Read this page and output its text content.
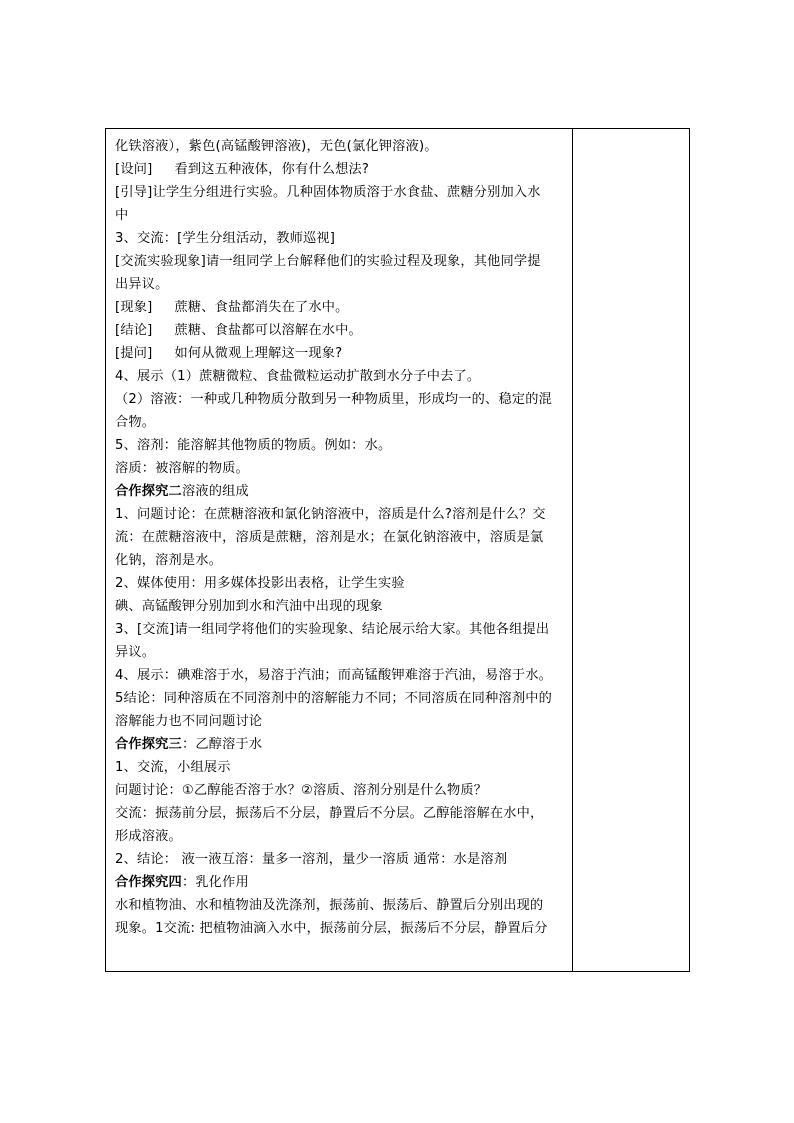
化铁溶液），紫色(高锰酸钾溶液)，无色(氯化钾溶液)。
[设问] 看到这五种液体，你有什么想法?
[引导]让学生分组进行实验。几种固体物质溶于水食盐、蔗糖分别加入水
中
3、交流：[学生分组活动，教师巡视]
[交流实验现象]请一组同学上台解释他们的实验过程及现象，其他同学提
出异议。
[现象] 蔗糖、食盐都消失在了水中。
[结论] 蔗糖、食盐都可以溶解在水中。
[提问] 如何从微观上理解这一现象?
4、展示（1）蔗糖微粒、食盐微粒运动扩散到水分子中去了。
（2）溶液：一种或几种物质分散到另一种物质里，形成均一的、稳定的混
合物。
5、溶剂：能溶解其他物质的物质。例如：水。
溶质：被溶解的物质。
合作探究二溶液的组成
1、问题讨论：在蔗糖溶液和氯化钠溶液中，溶质是什么?溶剂是什么？交
流：在蔗糖溶液中，溶质是蔗糖，溶剂是水；在氯化钠溶液中，溶质是氯
化钠，溶剂是水。
2、媒体使用：用多媒体投影出表格，让学生实验
碘、高锰酸钾分别加到水和汽油中出现的现象
3、[交流]请一组同学将他们的实验现象、结论展示给大家。其他各组提出
异议。
4、展示：碘难溶于水，易溶于汽油；而高锰酸钾难溶于汽油，易溶于水。
5结论：同种溶质在不同溶剂中的溶解能力不同；不同溶质在同种溶剂中的
溶解能力也不同问题讨论
合作探究三：乙醇溶于水
1、交流，小组展示
问题讨论：①乙醇能否溶于水？②溶质、溶剂分别是什么物质？
交流：振荡前分层，振荡后不分层，静置后不分层。乙醇能溶解在水中，
形成溶液。
2、结论： 液一液互溶：量多一溶剂，量少一溶质 通常：水是溶剂
合作探究四：乳化作用
水和植物油、水和植物油及洗涤剂，振荡前、振荡后、静置后分别出现的
现象。1交流: 把植物油滴入水中，振荡前分层，振荡后不分层，静置后分
